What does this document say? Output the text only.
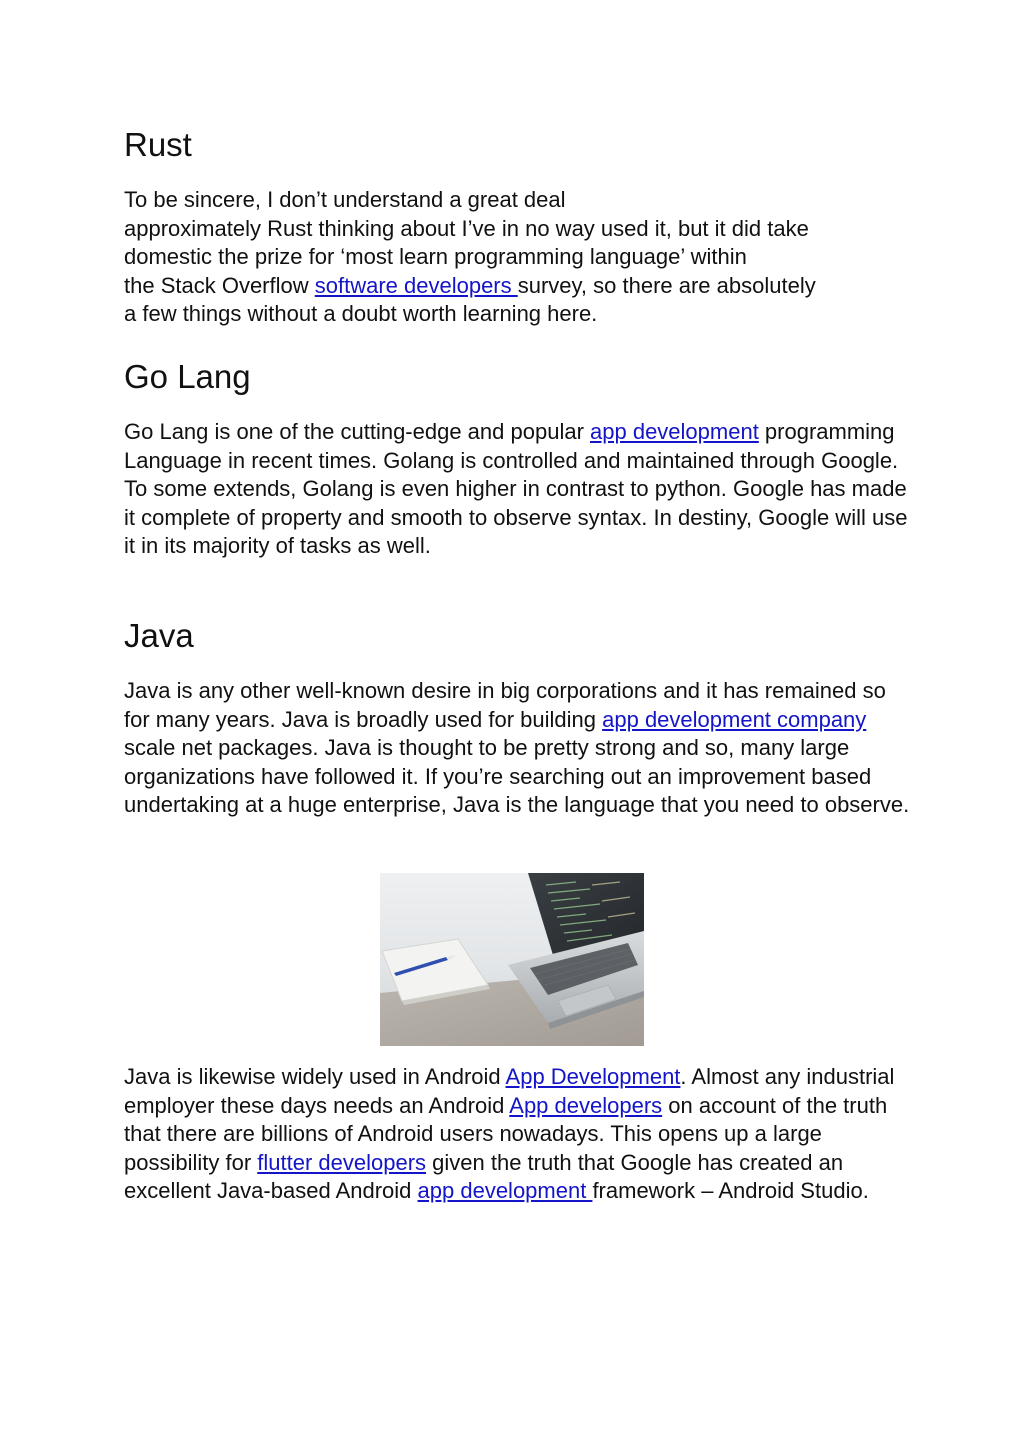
Rust

To be sincere, I don’t understand a great deal
approximately Rust thinking about I’ve in no way used it, but it did take
domestic the prize for ‘most learn programming language’ within
the Stack Overflow software developers survey, so there are absolutely
a few things without a doubt worth learning here.

Go Lang

Go Lang is one of the cutting-edge and popular app development programming Language in recent times. Golang is controlled and maintained through Google. To some extends, Golang is even higher in contrast to python. Google has made it complete of property and smooth to observe syntax. In destiny, Google will use it in its majority of tasks as well.

Java

Java is any other well-known desire in big corporations and it has remained so for many years. Java is broadly used for building app development company scale net packages. Java is thought to be pretty strong and so, many large organizations have followed it. If you’re searching out an improvement based undertaking at a huge enterprise, Java is the language that you need to observe.

Java is likewise widely used in Android App Development. Almost any industrial employer these days needs an Android App developers on account of the truth that there are billions of Android users nowadays. This opens up a large possibility for flutter developers given the truth that Google has created an excellent Java-based Android app development framework – Android Studio.
